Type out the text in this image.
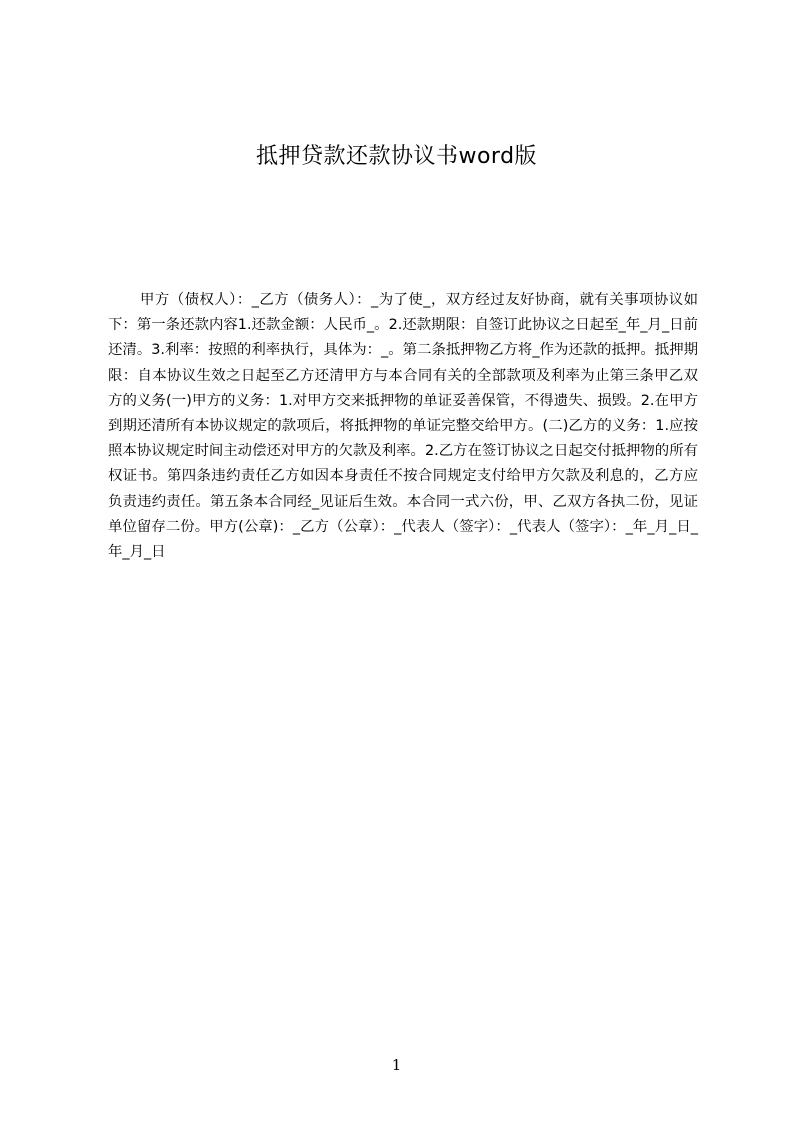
抵押贷款还款协议书word版

甲方（债权人）：_乙方（债务人）：_为了使_，双方经过友好协商，就有关事项协议如下：第一条还款内容1.还款金额：人民币_。2.还款期限：自签订此协议之日起至_年_月_日前还清。3.利率：按照的利率执行，具体为：_。第二条抵押物乙方将_作为还款的抵押。抵押期限：自本协议生效之日起至乙方还清甲方与本合同有关的全部款项及利率为止第三条甲乙双方的义务(一)甲方的义务：1.对甲方交来抵押物的单证妥善保管，不得遗失、损毁。2.在甲方到期还清所有本协议规定的款项后，将抵押物的单证完整交给甲方。(二)乙方的义务：1.应按照本协议规定时间主动偿还对甲方的欠款及利率。2.乙方在签订协议之日起交付抵押物的所有权证书。第四条违约责任乙方如因本身责任不按合同规定支付给甲方欠款及利息的，乙方应负责违约责任。第五条本合同经_见证后生效。本合同一式六份，甲、乙双方各执二份，见证单位留存二份。甲方(公章)：_乙方（公章）：_代表人（签字）：_代表人（签字）：_年_月_日_年_月_日

1
